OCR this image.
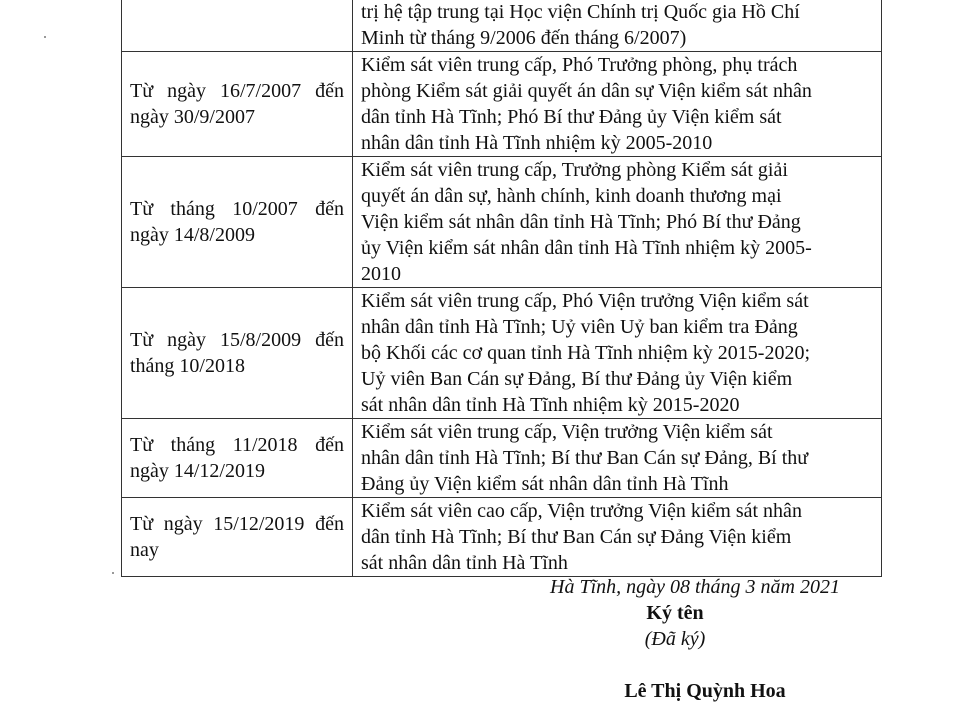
	trị hệ tập trung tại Học viện Chính trị Quốc gia Hồ Chí
Minh từ tháng 9/2006 đến tháng 6/2007)

Từ ngày 16/7/2007 đến ngày 30/9/2007	Kiểm sát viên trung cấp, Phó Trưởng phòng, phụ trách
phòng Kiểm sát giải quyết án dân sự Viện kiểm sát nhân
dân tỉnh Hà Tĩnh; Phó Bí thư Đảng ủy Viện kiểm sát
nhân dân tỉnh Hà Tĩnh nhiệm kỳ 2005-2010

Từ tháng 10/2007 đến ngày 14/8/2009	Kiểm sát viên trung cấp, Trưởng phòng Kiểm sát giải
quyết án dân sự, hành chính, kinh doanh thương mại
Viện kiểm sát nhân dân tỉnh Hà Tĩnh; Phó Bí thư Đảng
ủy Viện kiểm sát nhân dân tỉnh Hà Tĩnh nhiệm kỳ 2005-
2010

Từ ngày 15/8/2009 đến tháng 10/2018	Kiểm sát viên trung cấp, Phó Viện trưởng Viện kiểm sát
nhân dân tỉnh Hà Tĩnh; Uỷ viên Uỷ ban kiểm tra Đảng
bộ Khối các cơ quan tỉnh Hà Tĩnh nhiệm kỳ 2015-2020;
Uỷ viên Ban Cán sự Đảng, Bí thư Đảng ủy Viện kiểm
sát nhân dân tỉnh Hà Tĩnh nhiệm kỳ 2015-2020

Từ tháng 11/2018 đến ngày 14/12/2019	Kiểm sát viên trung cấp, Viện trưởng Viện kiểm sát
nhân dân tỉnh Hà Tĩnh; Bí thư Ban Cán sự Đảng, Bí thư
Đảng ủy Viện kiểm sát nhân dân tỉnh Hà Tĩnh

Từ ngày 15/12/2019 đến nay	Kiểm sát viên cao cấp, Viện trưởng Viện kiểm sát nhân
dân tỉnh Hà Tĩnh; Bí thư Ban Cán sự Đảng Viện kiểm
sát nhân dân tỉnh Hà Tĩnh
Hà Tĩnh, ngày 08 tháng 3 năm 2021
Ký tên
(Đã ký)
Lê Thị Quỳnh Hoa
